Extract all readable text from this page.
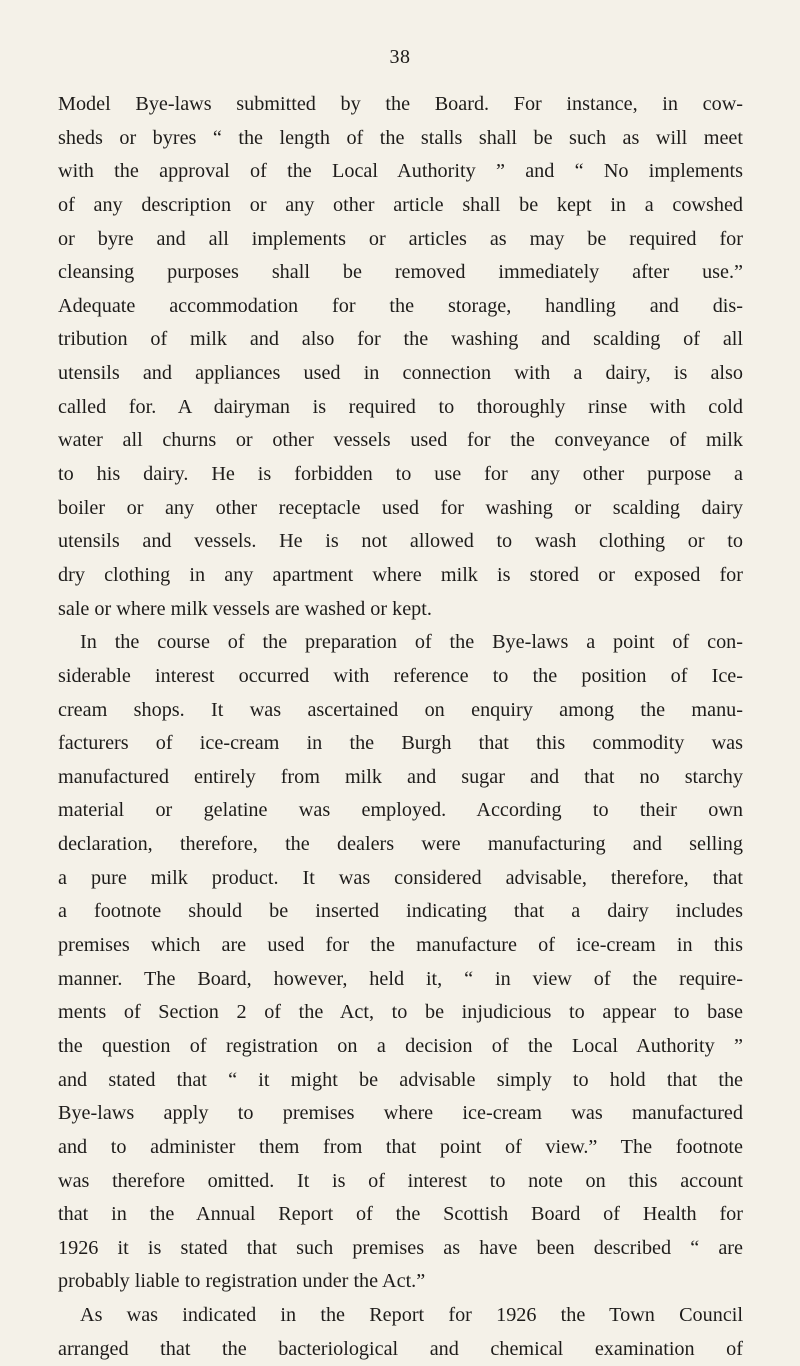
38
Model Bye-laws submitted by the Board. For instance, in cow-
sheds or byres “ the length of the stalls shall be such as will meet
with the approval of the Local Authority ” and “ No implements
of any description or any other article shall be kept in a cowshed
or byre and all implements or articles as may be required for
cleansing purposes shall be removed immediately after use.”
Adequate accommodation for the storage, handling and dis-
tribution of milk and also for the washing and scalding of all
utensils and appliances used in connection with a dairy, is also
called for. A dairyman is required to thoroughly rinse with cold
water all churns or other vessels used for the conveyance of milk
to his dairy. He is forbidden to use for any other purpose a
boiler or any other receptacle used for washing or scalding dairy
utensils and vessels. He is not allowed to wash clothing or to
dry clothing in any apartment where milk is stored or exposed for
sale or where milk vessels are washed or kept.
In the course of the preparation of the Bye-laws a point of con-
siderable interest occurred with reference to the position of Ice-
cream shops. It was ascertained on enquiry among the manu-
facturers of ice-cream in the Burgh that this commodity was
manufactured entirely from milk and sugar and that no starchy
material or gelatine was employed. According to their own
declaration, therefore, the dealers were manufacturing and selling
a pure milk product. It was considered advisable, therefore, that
a footnote should be inserted indicating that a dairy includes
premises which are used for the manufacture of ice-cream in this
manner. The Board, however, held it, “ in view of the require-
ments of Section 2 of the Act, to be injudicious to appear to base
the question of registration on a decision of the Local Authority ”
and stated that “ it might be advisable simply to hold that the
Bye-laws apply to premises where ice-cream was manufactured
and to administer them from that point of view.” The footnote
was therefore omitted. It is of interest to note on this account
that in the Annual Report of the Scottish Board of Health for
1926 it is stated that such premises as have been described “ are
probably liable to registration under the Act.”
As was indicated in the Report for 1926 the Town Council
arranged that the bacteriological and chemical examination of
